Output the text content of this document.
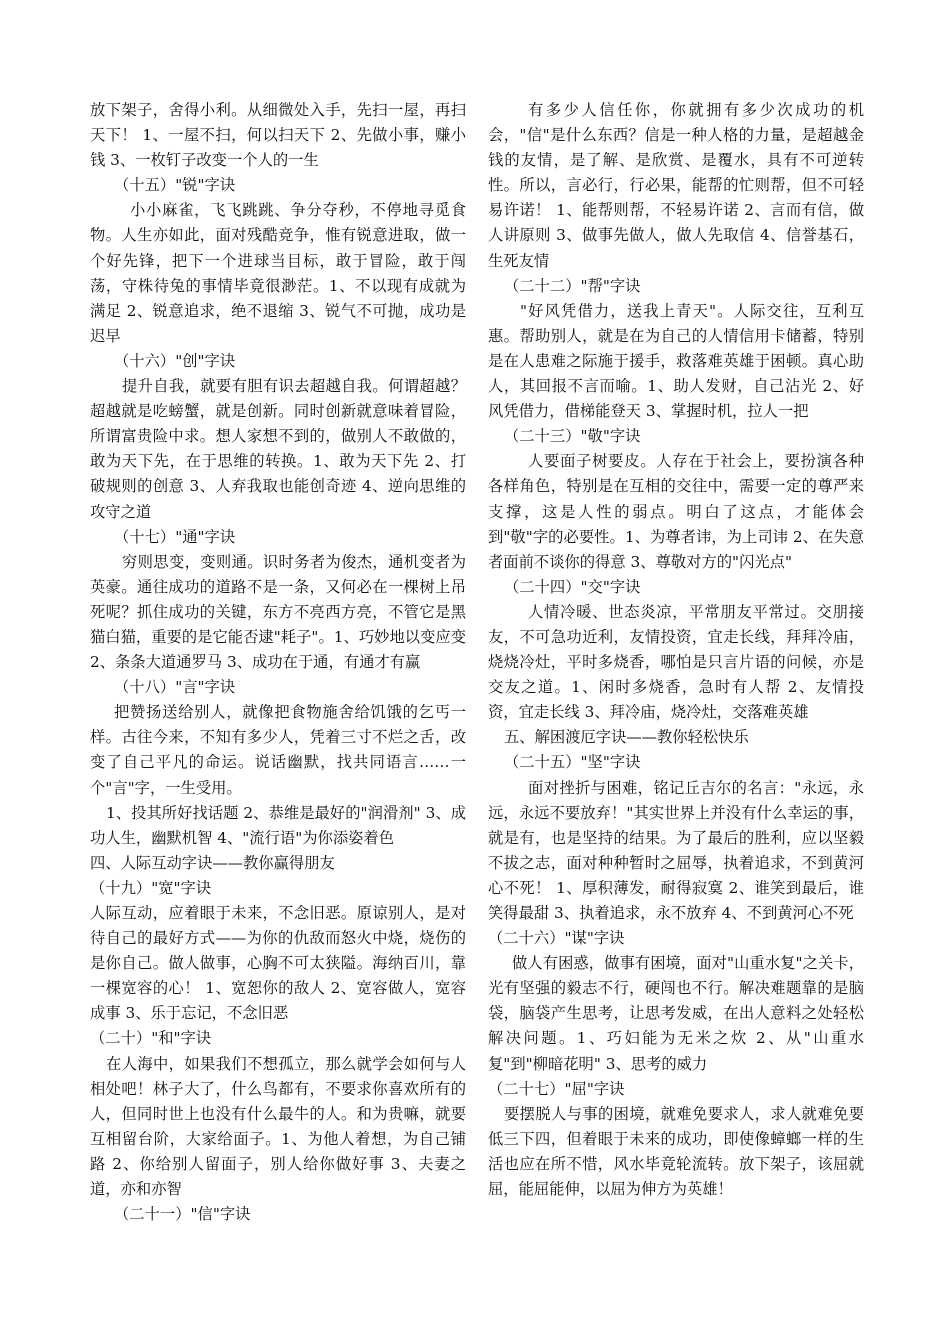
放下架子，舍得小利。从细微处入手，先扫一屋，再扫天下！ 1、一屋不扫，何以扫天下 2、先做小事，赚小钱 3、一枚钉子改变一个人的一生

（十五）"锐"字诀

小小麻雀，飞飞跳跳、争分夺秒，不停地寻觅食物。人生亦如此，面对残酷竞争，惟有锐意进取，做一个好先锋，把下一个进球当目标，敢于冒险，敢于闯荡，守株待兔的事情毕竟很渺茫。1、不以现有成就为满足 2、锐意追求，绝不退缩 3、锐气不可抛，成功是迟早

（十六）"创"字诀

提升自我，就要有胆有识去超越自我。何谓超越？超越就是吃螃蟹，就是创新。同时创新就意味着冒险，所谓富贵险中求。想人家想不到的，做别人不敢做的，敢为天下先，在于思维的转换。1、敢为天下先 2、打破规则的创意 3、人弃我取也能创奇迹 4、逆向思维的攻守之道

（十七）"通"字诀

穷则思变，变则通。识时务者为俊杰，通机变者为英豪。通往成功的道路不是一条，又何必在一棵树上吊死呢？抓住成功的关键，东方不亮西方亮，不管它是黑猫白猫，重要的是它能否逮"耗子"。1、巧妙地以变应变 2、条条大道通罗马 3、成功在于通，有通才有赢

（十八）"言"字诀

把赞扬送给别人，就像把食物施舍给饥饿的乞丐一样。古往今来，不知有多少人，凭着三寸不烂之舌，改变了自己平凡的命运。说话幽默，找共同语言……一个"言"字，一生受用。

1、投其所好找话题 2、恭维是最好的"润滑剂" 3、成功人生，幽默机智 4、"流行语"为你添姿着色

四、人际互动字诀——教你赢得朋友

（十九）"宽"字诀

人际互动，应着眼于未来，不念旧恶。原谅别人，是对待自己的最好方式——为你的仇敌而怒火中烧，烧伤的是你自己。做人做事，心胸不可太狭隘。海纳百川，靠一棵宽容的心！ 1、宽恕你的敌人 2、宽容做人，宽容成事 3、乐于忘记，不念旧恶

（二十）"和"字诀

在人海中，如果我们不想孤立，那么就学会如何与人相处吧！林子大了，什么鸟都有，不要求你喜欢所有的人，但同时世上也没有什么最牛的人。和为贵嘛，就要互相留台阶，大家给面子。1、为他人着想，为自己铺路 2、你给别人留面子，别人给你做好事 3、夫妻之道，亦和亦智

（二十一）"信"字诀

有多少人信任你，你就拥有多少次成功的机会，"信"是什么东西？信是一种人格的力量，是超越金钱的友情，是了解、是欣赏、是覆水，具有不可逆转性。所以，言必行，行必果，能帮的忙则帮，但不可轻易许诺！ 1、能帮则帮，不轻易许诺 2、言而有信，做人讲原则 3、做事先做人，做人先取信 4、信誉基石，生死友情

（二十二）"帮"字诀

"好风凭借力，送我上青天"。人际交往，互利互惠。帮助别人，就是在为自己的人情信用卡储蓄，特别是在人患难之际施于援手，救落难英雄于困顿。真心助人，其回报不言而喻。1、助人发财，自己沾光 2、好风凭借力，借梯能登天 3、掌握时机，拉人一把

（二十三）"敬"字诀

人要面子树要皮。人存在于社会上，要扮演各种各样角色，特别是在互相的交往中，需要一定的尊严来支撑，这是人性的弱点。明白了这点，才能体会到"敬"字的必要性。1、为尊者讳，为上司讳 2、在失意者面前不谈你的得意 3、尊敬对方的"闪光点"

（二十四）"交"字诀

人情冷暖、世态炎凉，平常朋友平常过。交朋接友，不可急功近利，友情投资，宜走长线，拜拜冷庙，烧烧冷灶，平时多烧香，哪怕是只言片语的问候，亦是交友之道。1、闲时多烧香，急时有人帮 2、友情投资，宜走长线 3、拜冷庙，烧冷灶，交落难英雄

五、解困渡厄字诀——教你轻松快乐

（二十五）"坚"字诀

面对挫折与困难，铭记丘吉尔的名言："永远，永远，永远不要放弃！"其实世界上并没有什么幸运的事，就是有，也是坚持的结果。为了最后的胜利，应以坚毅不拔之志，面对种种暂时之屈辱，执着追求，不到黄河心不死！ 1、厚积薄发，耐得寂寞 2、谁笑到最后，谁笑得最甜 3、执着追求，永不放弃 4、不到黄河心不死

（二十六）"谋"字诀

做人有困惑，做事有困境，面对"山重水复"之关卡，光有坚强的毅志不行，硬闯也不行。解决难题靠的是脑袋，脑袋产生思考，让思考发威，在出人意料之处轻松解决问题。1、巧妇能为无米之炊 2、从"山重水复"到"柳暗花明" 3、思考的威力

（二十七）"屈"字诀

要摆脱人与事的困境，就难免要求人，求人就难免要低三下四，但着眼于未来的成功，即使像蟑螂一样的生活也应在所不惜，风水毕竟轮流转。放下架子，该屈就屈，能屈能伸，以屈为伸方为英雄！
